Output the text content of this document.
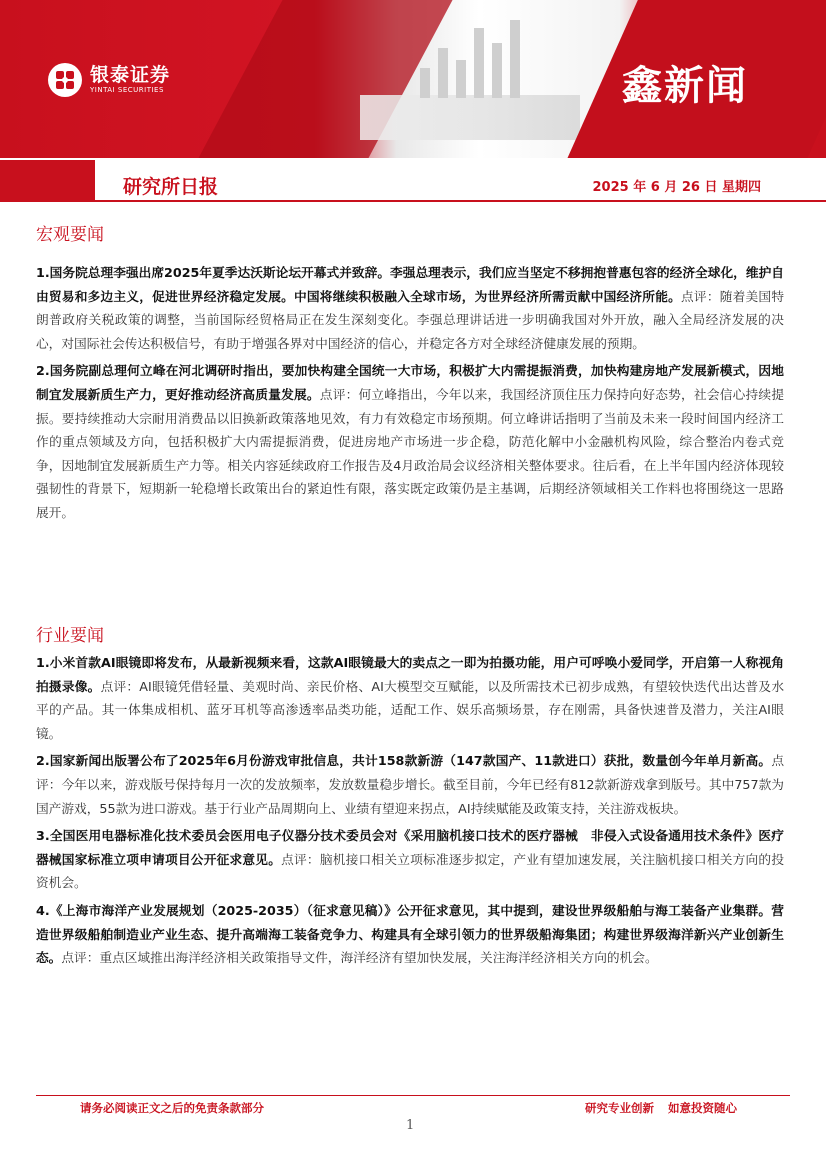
银泰证券
YINTAI SECURITIES	鑫新闻
研究所日报	2025 年 6 月 26 日 星期四
宏观要闻

1.国务院总理李强出席2025年夏季达沃斯论坛开幕式并致辞。李强总理表示，我们应当坚定不移拥抱普惠包容的经济全球化，维护自由贸易和多边主义，促进世界经济稳定发展。中国将继续积极融入全球市场，为世界经济所需贡献中国经济所能。点评：随着美国特朗普政府关税政策的调整，当前国际经贸格局正在发生深刻变化。李强总理讲话进一步明确我国对外开放，融入全局经济发展的决心，对国际社会传达积极信号，有助于增强各界对中国经济的信心，并稳定各方对全球经济健康发展的预期。

2.国务院副总理何立峰在河北调研时指出，要加快构建全国统一大市场，积极扩大内需提振消费，加快构建房地产发展新模式，因地制宜发展新质生产力，更好推动经济高质量发展。点评：何立峰指出，今年以来，我国经济顶住压力保持向好态势，社会信心持续提振。要持续推动大宗耐用消费品以旧换新政策落地见效，有力有效稳定市场预期。何立峰讲话指明了当前及未来一段时间国内经济工作的重点领域及方向，包括积极扩大内需提振消费，促进房地产市场进一步企稳，防范化解中小金融机构风险，综合整治内卷式竞争，因地制宜发展新质生产力等。相关内容延续政府工作报告及4月政治局会议经济相关整体要求。往后看，在上半年国内经济体现较强韧性的背景下，短期新一轮稳增长政策出台的紧迫性有限，落实既定政策仍是主基调，后期经济领域相关工作料也将围绕这一思路展开。

行业要闻

1.小米首款AI眼镜即将发布，从最新视频来看，这款AI眼镜最大的卖点之一即为拍摄功能，用户可呼唤小爱同学，开启第一人称视角拍摄录像。点评：AI眼镜凭借轻量、美观时尚、亲民价格、AI大模型交互赋能，以及所需技术已初步成熟，有望较快迭代出达普及水平的产品。其一体集成相机、蓝牙耳机等高渗透率品类功能，适配工作、娱乐高频场景，存在刚需，具备快速普及潜力，关注AI眼镜。

2.国家新闻出版署公布了2025年6月份游戏审批信息，共计158款新游（147款国产、11款进口）获批，数量创今年单月新高。点评：今年以来，游戏版号保持每月一次的发放频率，发放数量稳步增长。截至目前，今年已经有812款新游戏拿到版号。其中757款为国产游戏，55款为进口游戏。基于行业产品周期向上、业绩有望迎来拐点，AI持续赋能及政策支持，关注游戏板块。

3.全国医用电器标准化技术委员会医用电子仪器分技术委员会对《采用脑机接口技术的医疗器械　非侵入式设备通用技术条件》医疗器械国家标准立项申请项目公开征求意见。点评：脑机接口相关立项标准逐步拟定，产业有望加速发展，关注脑机接口相关方向的投资机会。

4.《上海市海洋产业发展规划（2025-2035）（征求意见稿）》公开征求意见，其中提到，建设世界级船舶与海工装备产业集群。营造世界级船舶制造业产业生态、提升高端海工装备竞争力、构建具有全球引领力的世界级船海集团；构建世界级海洋新兴产业创新生态。点评：重点区域推出海洋经济相关政策指导文件，海洋经济有望加快发展，关注海洋经济相关方向的机会。

请务必阅读正文之后的免责条款部分	研究专业创新 如意投资随心
1
